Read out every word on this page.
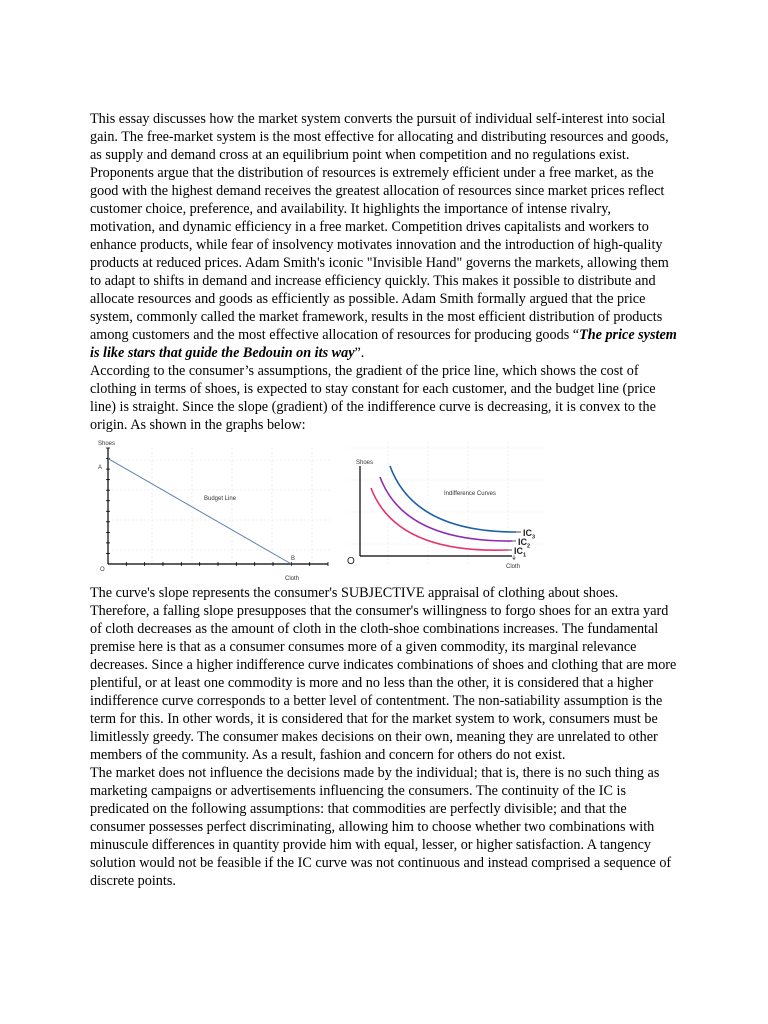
This essay discusses how the market system converts the pursuit of individual self-interest into social gain. The free-market system is the most effective for allocating and distributing resources and goods, as supply and demand cross at an equilibrium point when competition and no regulations exist. Proponents argue that the distribution of resources is extremely efficient under a free market, as the good with the highest demand receives the greatest allocation of resources since market prices reflect customer choice, preference, and availability. It highlights the importance of intense rivalry, motivation, and dynamic efficiency in a free market. Competition drives capitalists and workers to enhance products, while fear of insolvency motivates innovation and the introduction of high-quality products at reduced prices. Adam Smith's iconic "Invisible Hand" governs the markets, allowing them to adapt to shifts in demand and increase efficiency quickly. This makes it possible to distribute and allocate resources and goods as efficiently as possible. Adam Smith formally argued that the price system, commonly called the market framework, results in the most efficient distribution of products among customers and the most effective allocation of resources for producing goods “The price system is like stars that guide the Bedouin on its way”.

According to the consumer’s assumptions, the gradient of the price line, which shows the cost of clothing in terms of shoes, is expected to stay constant for each customer, and the budget line (price line) is straight. Since the slope (gradient) of the indifference curve is decreasing, it is convex to the origin. As shown in the graphs below:

Shoes
A
O
Cloth
B
Budget Line
Shoes
O	Cloth
Indifference Curves
$IC_1$
$IC_2$
$IC_3$

The curve's slope represents the consumer's SUBJECTIVE appraisal of clothing about shoes. Therefore, a falling slope presupposes that the consumer's willingness to forgo shoes for an extra yard of cloth decreases as the amount of cloth in the cloth-shoe combinations increases. The fundamental premise here is that as a consumer consumes more of a given commodity, its marginal relevance decreases. Since a higher indifference curve indicates combinations of shoes and clothing that are more plentiful, or at least one commodity is more and no less than the other, it is considered that a higher indifference curve corresponds to a better level of contentment. The non-satiability assumption is the term for this. In other words, it is considered that for the market system to work, consumers must be limitlessly greedy. The consumer makes decisions on their own, meaning they are unrelated to other members of the community. As a result, fashion and concern for others do not exist.

The market does not influence the decisions made by the individual; that is, there is no such thing as marketing campaigns or advertisements influencing the consumers. The continuity of the IC is predicated on the following assumptions: that commodities are perfectly divisible; and that the consumer possesses perfect discriminating, allowing him to choose whether two combinations with minuscule differences in quantity provide him with equal, lesser, or higher satisfaction. A tangency solution would not be feasible if the IC curve was not continuous and instead comprised a sequence of discrete points.
